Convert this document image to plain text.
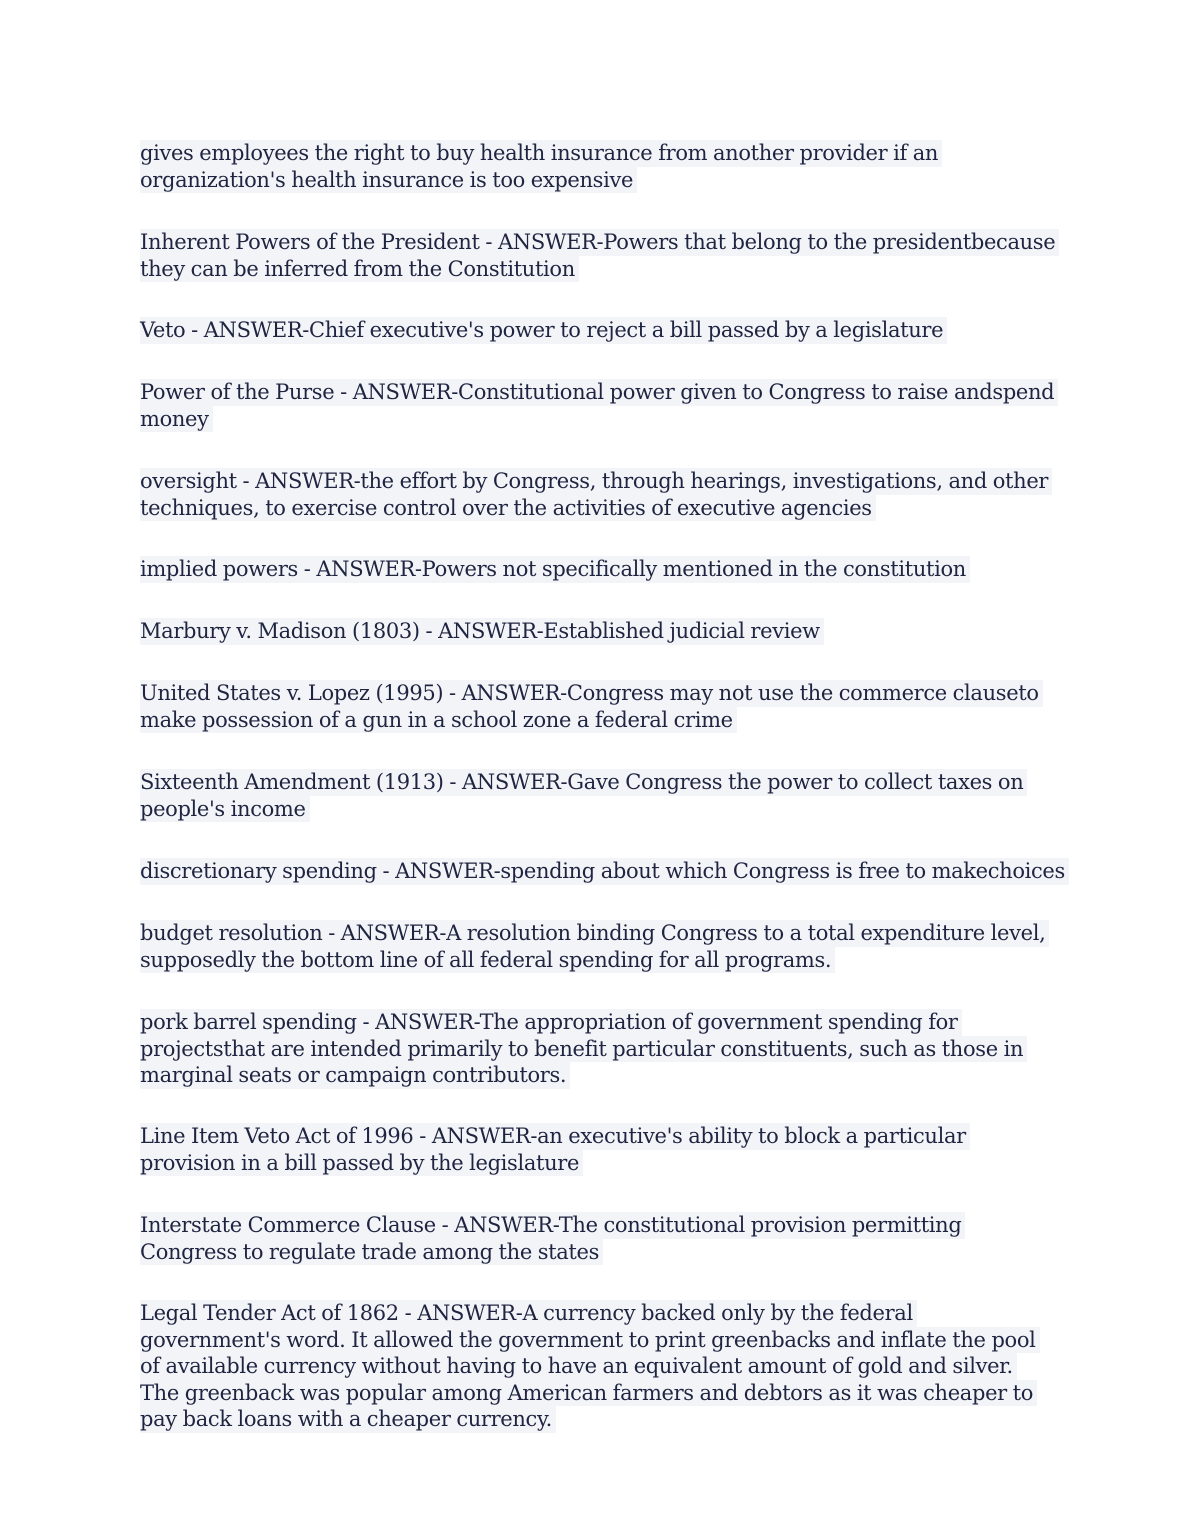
gives employees the right to buy health insurance from another provider if an
organization's health insurance is too expensive
Inherent Powers of the President - ANSWER-Powers that belong to the presidentbecause
they can be inferred from the Constitution
Veto - ANSWER-Chief executive's power to reject a bill passed by a legislature
Power of the Purse - ANSWER-Constitutional power given to Congress to raise andspend
money
oversight - ANSWER-the effort by Congress, through hearings, investigations, and other
techniques, to exercise control over the activities of executive agencies
implied powers - ANSWER-Powers not specifically mentioned in the constitution
Marbury v. Madison (1803) - ANSWER-Established judicial review
United States v. Lopez (1995) - ANSWER-Congress may not use the commerce clauseto
make possession of a gun in a school zone a federal crime
Sixteenth Amendment (1913) - ANSWER-Gave Congress the power to collect taxes on
people's income
discretionary spending - ANSWER-spending about which Congress is free to makechoices
budget resolution - ANSWER-A resolution binding Congress to a total expenditure level,
supposedly the bottom line of all federal spending for all programs.
pork barrel spending - ANSWER-The appropriation of government spending for
projectsthat are intended primarily to benefit particular constituents, such as those in
marginal seats or campaign contributors.
Line Item Veto Act of 1996 - ANSWER-an executive's ability to block a particular
provision in a bill passed by the legislature
Interstate Commerce Clause - ANSWER-The constitutional provision permitting
Congress to regulate trade among the states
Legal Tender Act of 1862 - ANSWER-A currency backed only by the federal
government's word. It allowed the government to print greenbacks and inflate the pool
of available currency without having to have an equivalent amount of gold and silver.
The greenback was popular among American farmers and debtors as it was cheaper to
pay back loans with a cheaper currency.
